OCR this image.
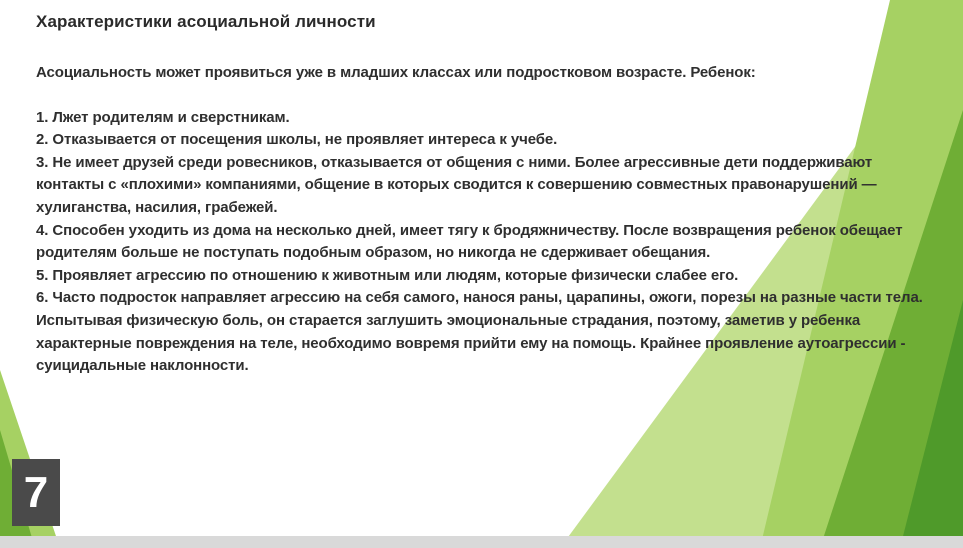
Характеристики асоциальной личности

Асоциальность может проявиться уже в младших классах или подростковом возрасте. Ребенок:

1. Лжет родителям и сверстникам.

2. Отказывается от посещения школы, не проявляет интереса к учебе.

3. Не имеет друзей среди ровесников, отказывается от общения с ними. Более агрессивные дети поддерживают контакты с «плохими» компаниями, общение в которых сводится к совершению совместных правонарушений — хулиганства, насилия, грабежей.

4. Способен уходить из дома на несколько дней, имеет тягу к бродяжничеству. После возвращения ребенок обещает родителям больше не поступать подобным образом, но никогда не сдерживает обещания.

5. Проявляет агрессию по отношению к животным или людям, которые физически слабее его.

6. Часто подросток направляет агрессию на себя самого, нанося раны, царапины, ожоги, порезы на разные части тела. Испытывая физическую боль, он старается заглушить эмоциональные страдания, поэтому, заметив у ребенка характерные повреждения на теле, необходимо вовремя прийти ему на помощь. Крайнее проявление аутоагрессии - суицидальные наклонности.

7
